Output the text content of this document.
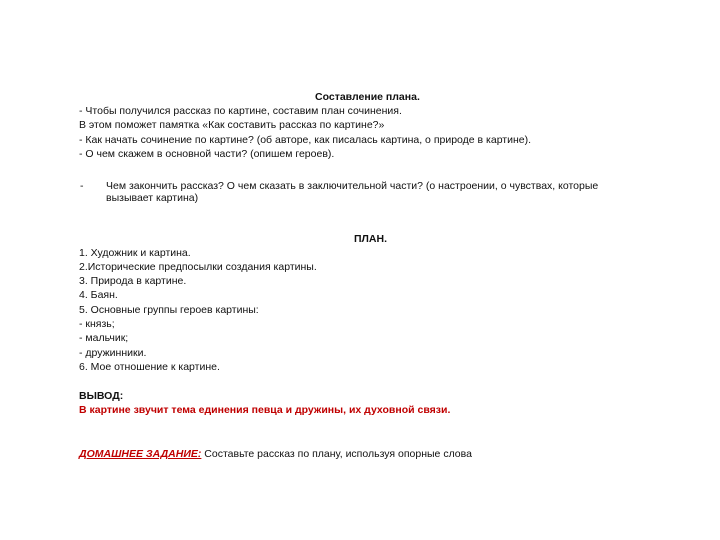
Составление плана.
- Чтобы получился рассказ по картине, составим план сочинения.
В этом поможет памятка «Как составить рассказ по картине?»
- Как начать сочинение по картине? (об авторе, как писалась картина, о природе в картине).
- О чем скажем в основной части? (опишем героев).
- Чем закончить рассказ? О чем сказать в заключительной части? (о настроении, о чувствах, которые вызывает картина)
ПЛАН.
1. Художник и картина.
2.Исторические предпосылки создания картины.
3. Природа в картине.
4. Баян.
5. Основные группы героев картины:
- князь;
- мальчик;
- дружинники.
6. Мое отношение к картине.
ВЫВОД:
В картине звучит тема единения певца и дружины, их духовной связи.
ДОМАШНЕЕ ЗАДАНИЕ: Составьте рассказ по плану, используя опорные слова
